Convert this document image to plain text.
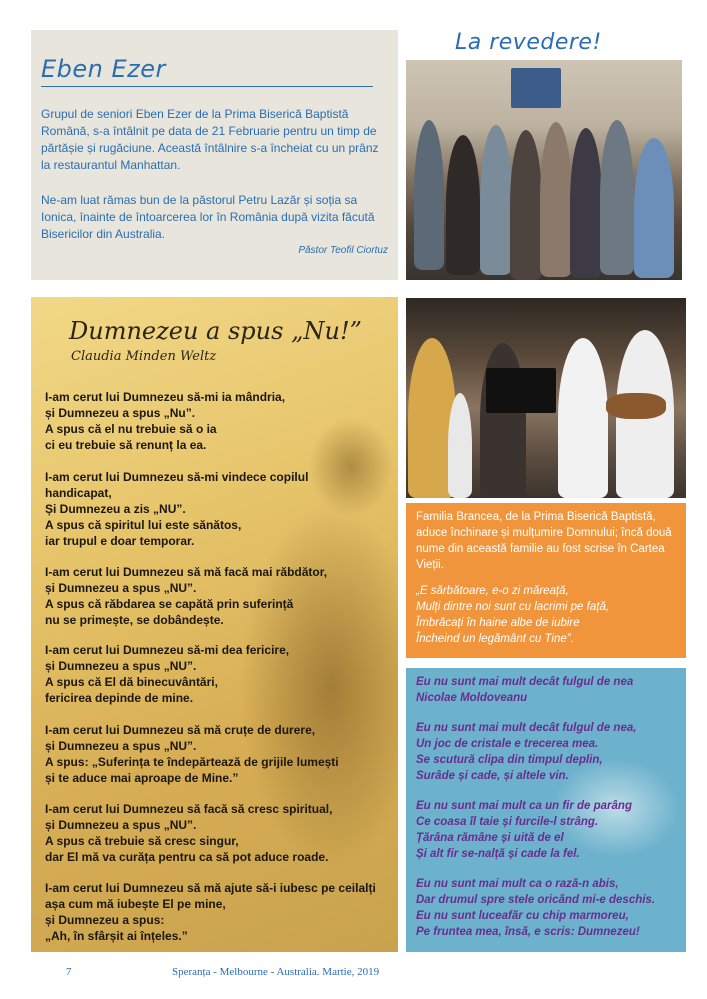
Eben Ezer

Grupul de seniori Eben Ezer de la Prima Biserică Baptistă Română, s-a întâlnit pe data de 21 Februarie pentru un timp de părtășie și rugăciune. Această întâlnire s-a încheiat cu un prânz la restaurantul Manhattan.

Ne-am luat rămas bun de la păstorul Petru Lazăr și soția sa Ionica, înainte de întoarcerea lor în România după vizita făcută Bisericilor din Australia.

Păstor Teofil Ciortuz
La revedere!
Dumnezeu a spus „Nu!”
Claudia Minden Weltz
I-am cerut lui Dumnezeu să-mi ia mândria,
și Dumnezeu a spus „Nu”.
A spus că el nu trebuie să o ia
ci eu trebuie să renunț la ea.
I-am cerut lui Dumnezeu să-mi vindece copilul
handicapat,
Și Dumnezeu a zis „NU”.
A spus că spiritul lui este sănătos,
iar trupul e doar temporar.
I-am cerut lui Dumnezeu să mă facă mai răbdător,
și Dumnezeu a spus „NU”.
A spus că răbdarea se capătă prin suferință
nu se primește, se dobândește.
I-am cerut lui Dumnezeu să-mi dea fericire,
și Dumnezeu a spus „NU”.
A spus că El dă binecuvântări,
fericirea depinde de mine.
I-am cerut lui Dumnezeu să mă cruțe de durere,
și Dumnezeu a spus „NU”.
A spus: „Suferința te îndepărtează de grijile lumești
și te aduce mai aproape de Mine.”
I-am cerut lui Dumnezeu să facă să cresc spiritual,
și Dumnezeu a spus „NU”.
A spus că trebuie să cresc singur,
dar El mă va curăța pentru ca să pot aduce roade.
I-am cerut lui Dumnezeu să mă ajute să-i iubesc pe ceilalți
așa cum mă iubește El pe mine,
și Dumnezeu a spus:
„Ah, în sfârșit ai înțeles.”

Familia Brancea, de la Prima Biserică Baptistă, aduce închinare și mulțumire Domnului; încă două nume din această familie au fost scrise în Cartea Vieții.

„E sărbătoare, e-o zi măreață,
Mulți dintre noi sunt cu lacrimi pe față,
Îmbrăcați în haine albe de iubire
Încheind un legământ cu Tine”.
Eu nu sunt mai mult decât fulgul de nea
Nicolae Moldoveanu
Eu nu sunt mai mult decât fulgul de nea,
Un joc de cristale e trecerea mea.
Se scutură clipa din timpul deplin,
Surâde și cade, și altele vin.
Eu nu sunt mai mult ca un fir de parâng
Ce coasa îl taie și furcile-l strâng.
Țărâna rămâne și uită de el
Și alt fir se-nalță și cade la fel.
Eu nu sunt mai mult ca o rază-n abis,
Dar drumul spre stele oricând mi-e deschis.
Eu nu sunt luceafăr cu chip marmoreu,
Pe fruntea mea, însă, e scris: Dumnezeu!
7	Speranța - Melbourne - Australia. Martie, 2019
